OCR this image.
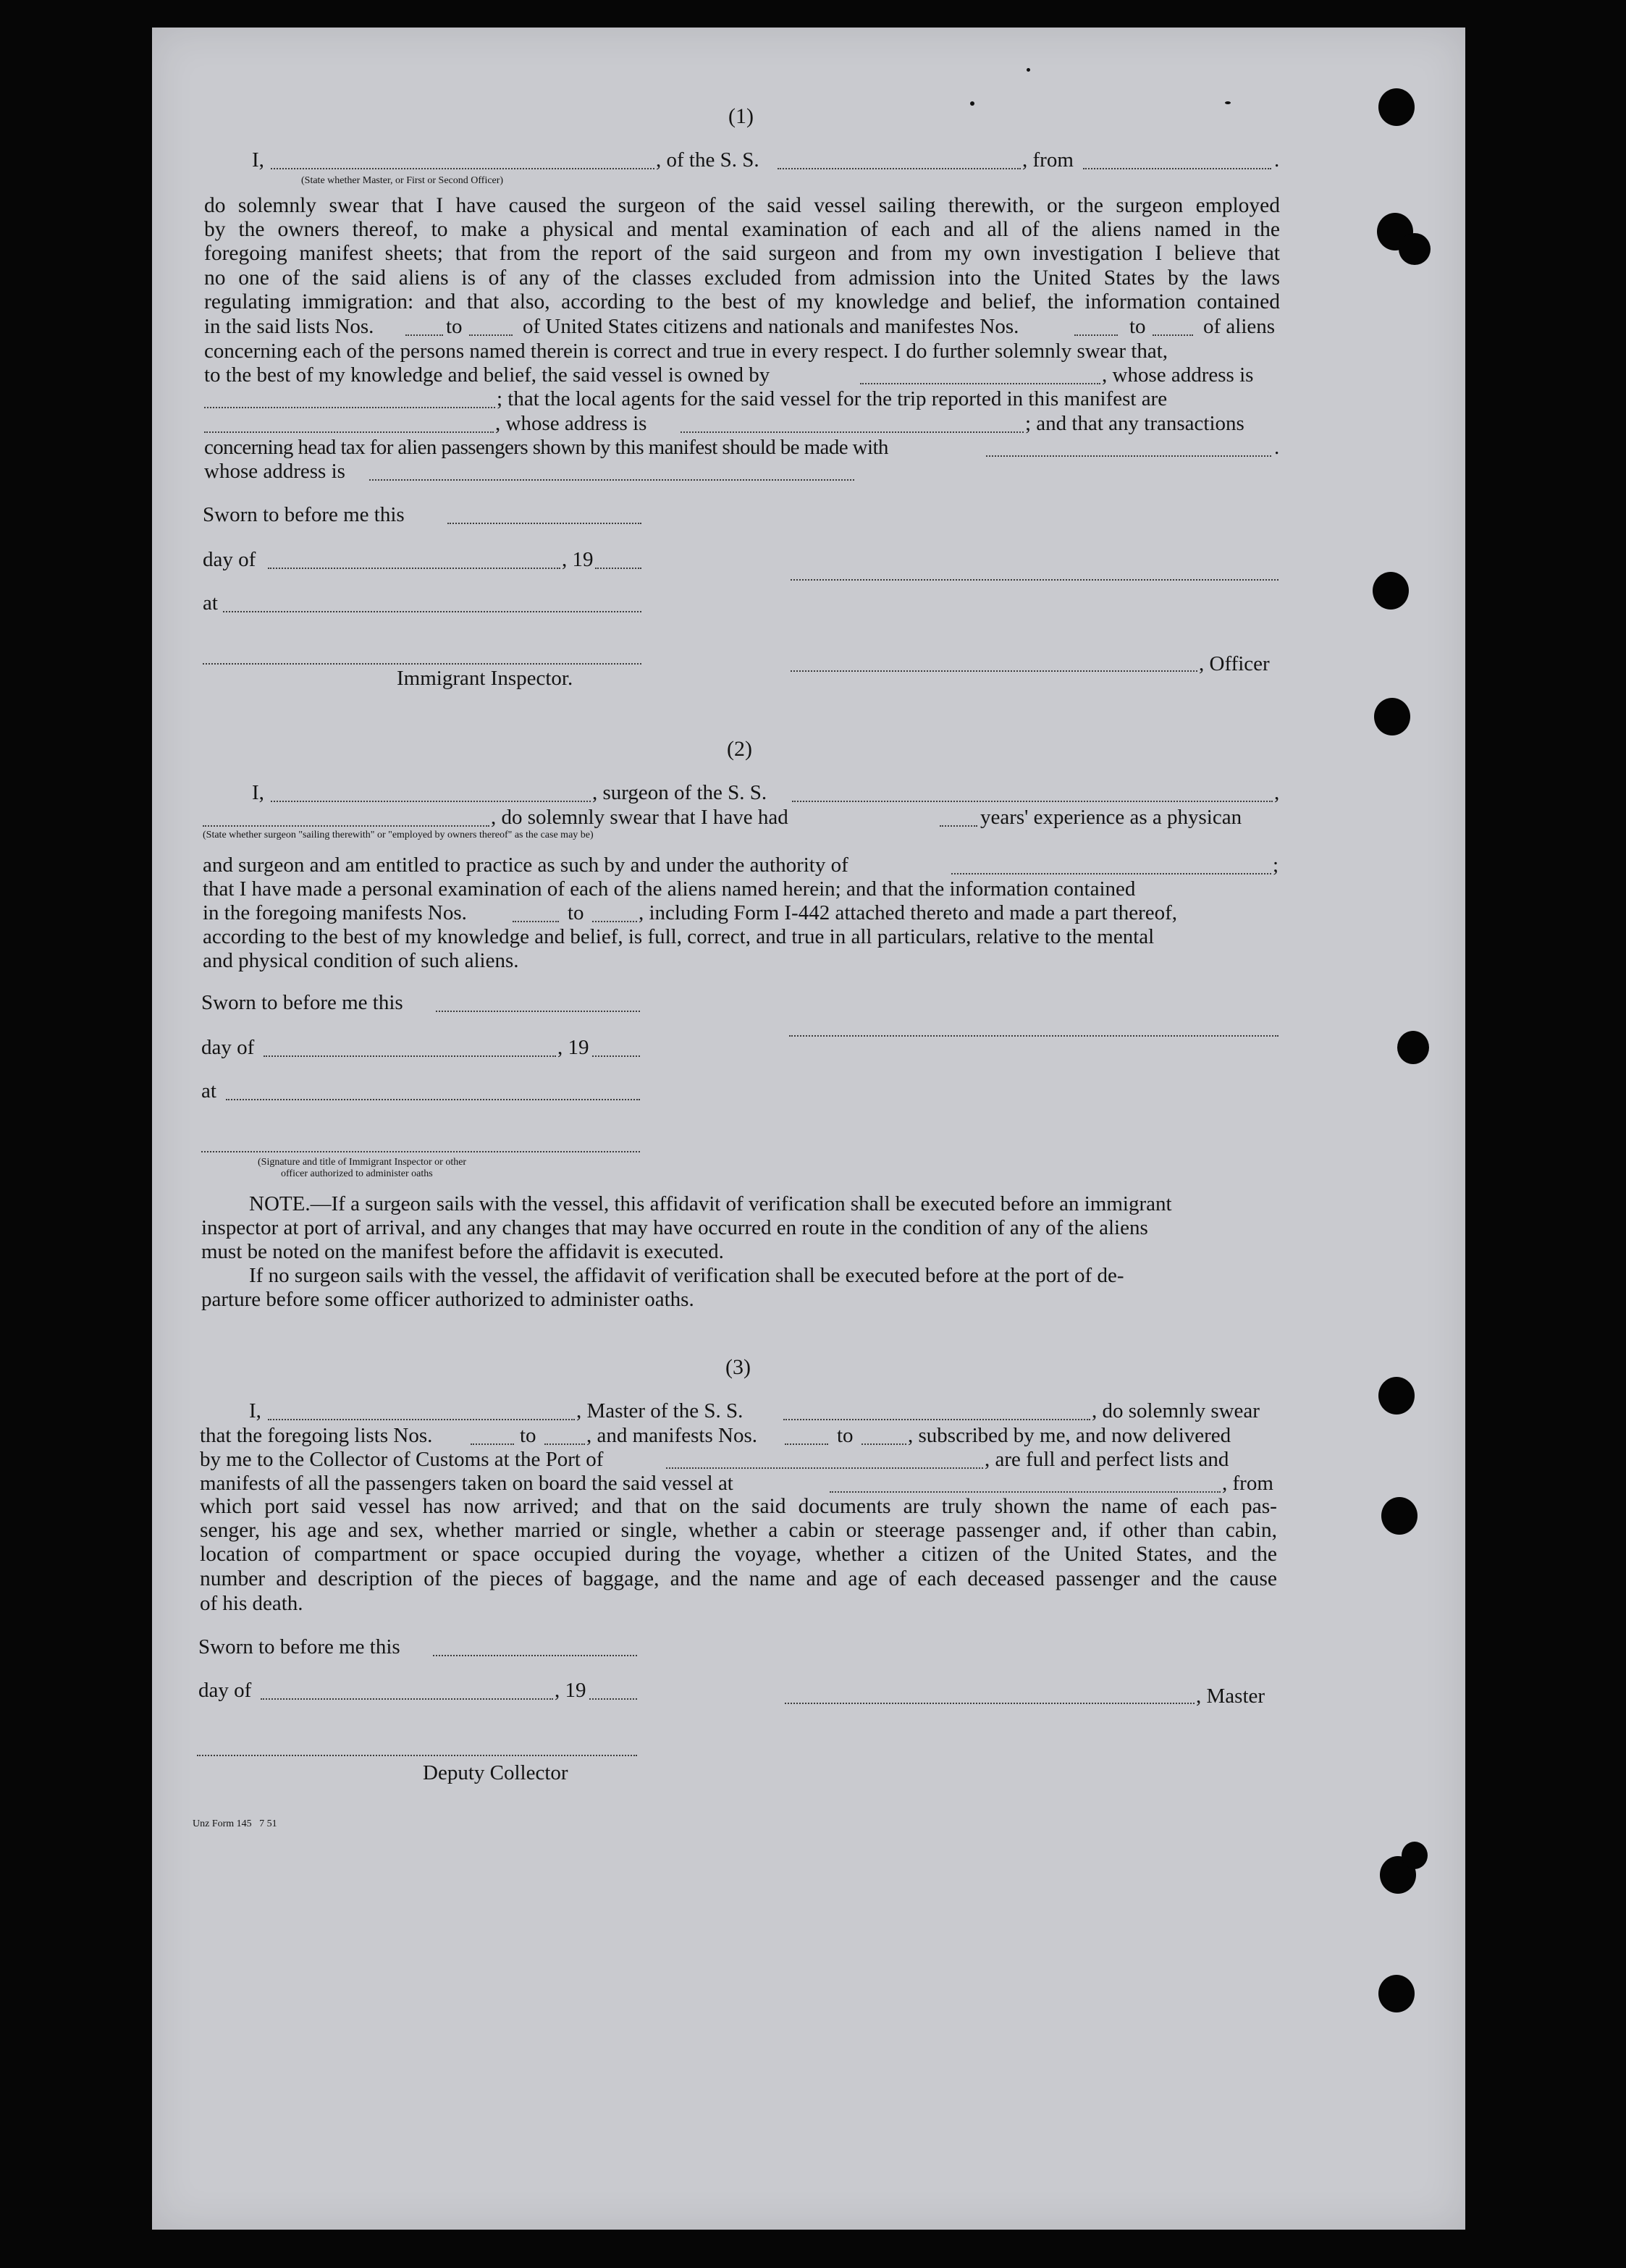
(1)
I,	, of the S. S.	, from	.
(State whether Master, or First or Second Officer)
do solemnly swear that I have caused the surgeon of the said vessel sailing therewith, or the surgeon employed
by the owners thereof, to make a physical and mental examination of each and all of the aliens named in the
foregoing manifest sheets; that from the report of the said surgeon and from my own investigation I believe that
no one of the said aliens is of any of the classes excluded from admission into the United States by the laws
regulating immigration: and that also, according to the best of my knowledge and belief, the information contained
in the said lists Nos.	to	of United States citizens and nationals and manifestes Nos.	to	of aliens
concerning each of the persons named therein is correct and true in every respect. I do further solemnly swear that,
to the best of my knowledge and belief, the said vessel is owned by	, whose address is
; that the local agents for the said vessel for the trip reported in this manifest are
, whose address is	; and that any transactions
concerning head tax for alien passengers shown by this manifest should be made with	.
whose address is
Sworn to before me this
day of	, 19
at
Immigrant Inspector.
, Officer
(2)
I,	, surgeon of the S. S.	,
, do solemnly swear that I have had	years' experience as a physican
(State whether surgeon "sailing therewith" or "employed by owners thereof" as the case may be)
and surgeon and am entitled to practice as such by and under the authority of	;
that I have made a personal examination of each of the aliens named herein; and that the information contained
in the foregoing manifests Nos.	to	, including Form I-442 attached thereto and made a part thereof,
according to the best of my knowledge and belief, is full, correct, and true in all particulars, relative to the mental
and physical condition of such aliens.
Sworn to before me this
day of	, 19
at
(Signature and title of Immigrant Inspector or other
officer authorized to administer oaths
NOTE.—If a surgeon sails with the vessel, this affidavit of verification shall be executed before an immigrant
inspector at port of arrival, and any changes that may have occurred en route in the condition of any of the aliens
must be noted on the manifest before the affidavit is executed.
If no surgeon sails with the vessel, the affidavit of verification shall be executed before at the port of de-
parture before some officer authorized to administer oaths.
(3)
I,	, Master of the S. S.	, do solemnly swear
that the foregoing lists Nos.	to , and manifests Nos.	to	, subscribed by me, and now delivered
by me to the Collector of Customs at the Port of	, are full and perfect lists and
manifests of all the passengers taken on board the said vessel at	, from
which port said vessel has now arrived; and that on the said documents are truly shown the name of each pas-
senger, his age and sex, whether married or single, whether a cabin or steerage passenger and, if other than cabin,
location of compartment or space occupied during the voyage, whether a citizen of the United States, and the
number and description of the pieces of baggage, and the name and age of each deceased passenger and the cause
of his death.
Sworn to before me this
day of	, 19	, Master
Deputy Collector
Unz Form 145   7 51
